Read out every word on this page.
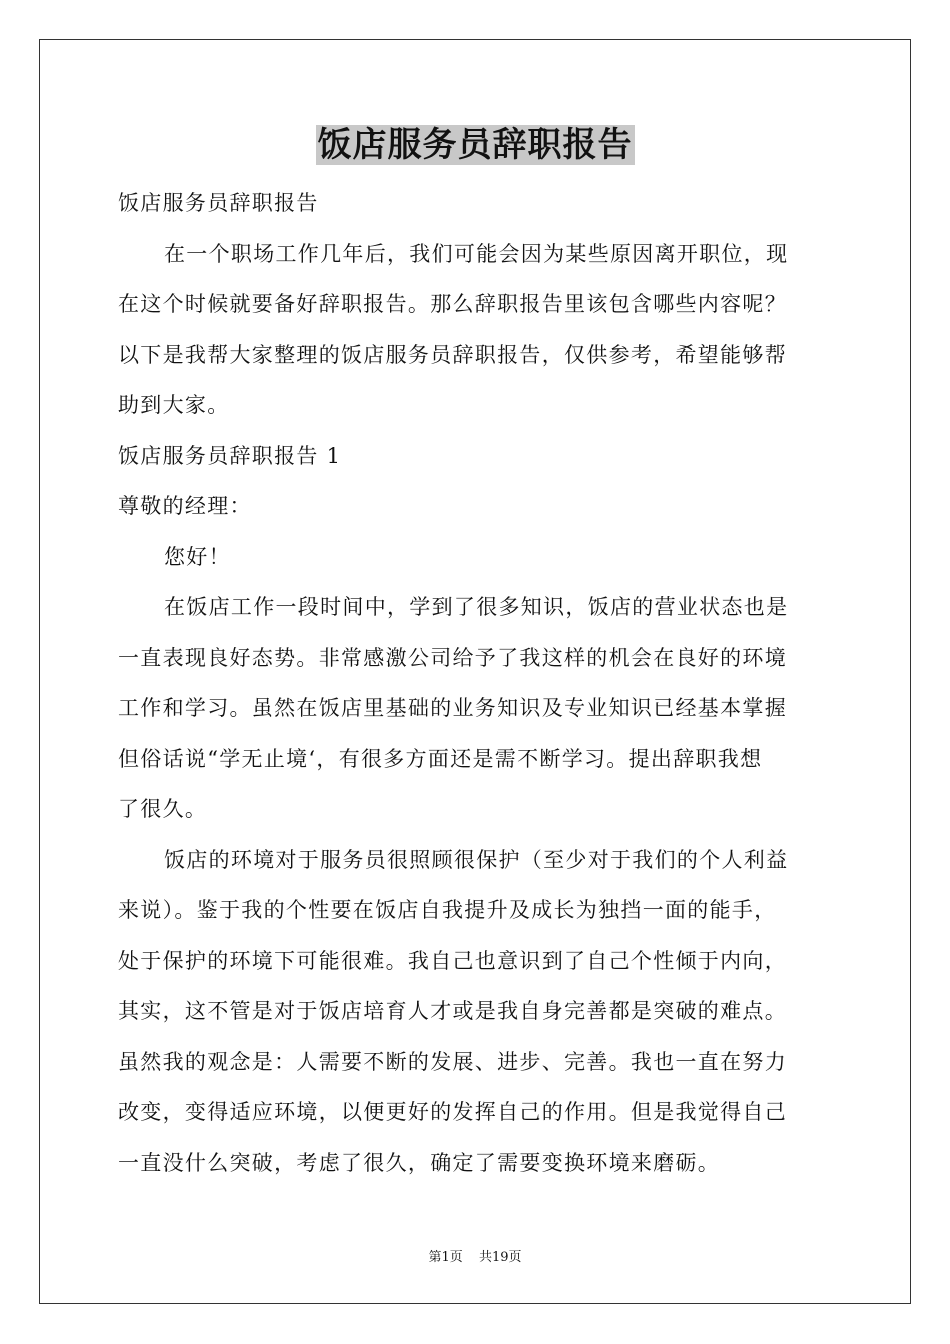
饭店服务员辞职报告
饭店服务员辞职报告
在一个职场工作几年后，我们可能会因为某些原因离开职位，现
在这个时候就要备好辞职报告。那么辞职报告里该包含哪些内容呢？
以下是我帮大家整理的饭店服务员辞职报告，仅供参考，希望能够帮
助到大家。
饭店服务员辞职报告 1
尊敬的经理：
您好！
在饭店工作一段时间中，学到了很多知识，饭店的营业状态也是
一直表现良好态势。非常感激公司给予了我这样的机会在良好的环境
工作和学习。虽然在饭店里基础的业务知识及专业知识已经基本掌握
但俗话说“学无止境‘，有很多方面还是需不断学习。提出辞职我想
了很久。
饭店的环境对于服务员很照顾很保护（至少对于我们的个人利益
来说）。鉴于我的个性要在饭店自我提升及成长为独挡一面的能手，
处于保护的环境下可能很难。我自己也意识到了自己个性倾于内向，
其实，这不管是对于饭店培育人才或是我自身完善都是突破的难点。
虽然我的观念是：人需要不断的发展、进步、完善。我也一直在努力
改变，变得适应环境，以便更好的发挥自己的作用。但是我觉得自己
一直没什么突破，考虑了很久，确定了需要变换环境来磨砺。
第1页 共19页
